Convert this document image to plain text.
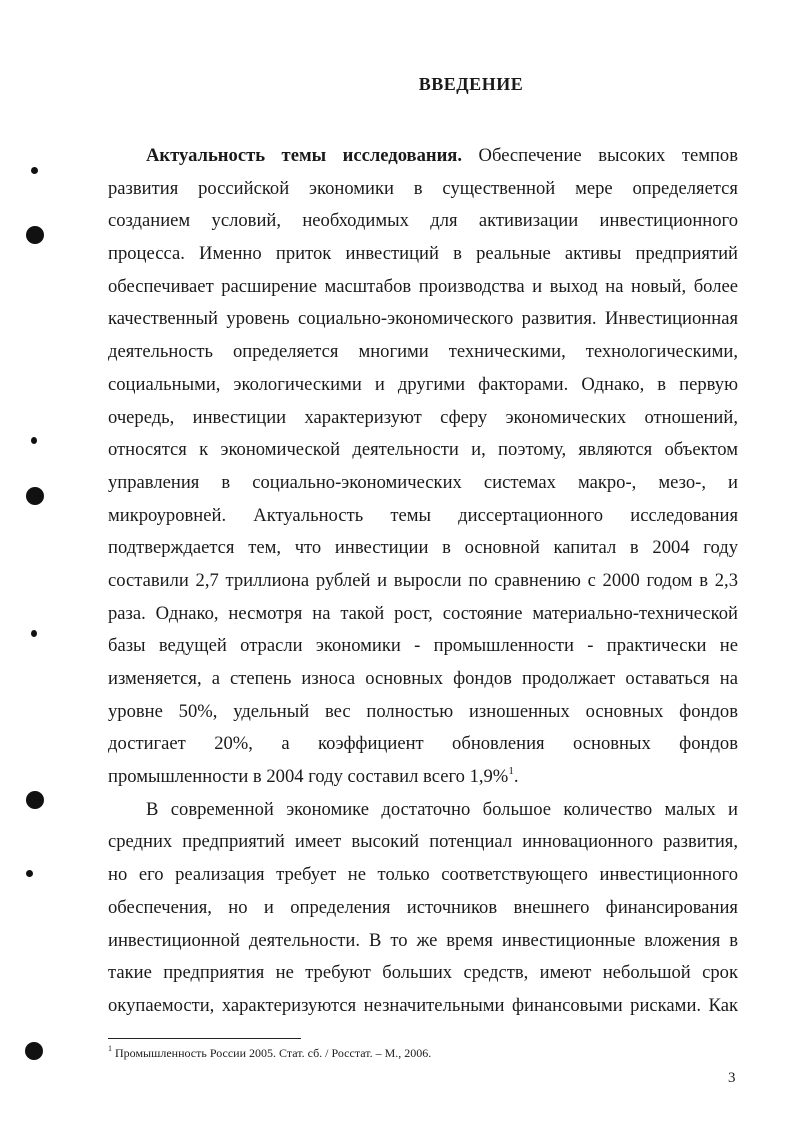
ВВЕДЕНИЕ
Актуальность темы исследования. Обеспечение высоких темпов
развития российской экономики в существенной мере определяется
созданием условий, необходимых для активизации инвестиционного
процесса. Именно приток инвестиций в реальные активы предприятий
обеспечивает расширение масштабов производства и выход на новый, более
качественный уровень социально-экономического развития. Инвестиционная
деятельность определяется многими техническими, технологическими,
социальными, экологическими и другими факторами. Однако, в первую
очередь, инвестиции характеризуют сферу экономических отношений,
относятся к экономической деятельности и, поэтому, являются объектом
управления в социально-экономических системах макро-, мезо-, и
микроуровней. Актуальность темы диссертационного исследования
подтверждается тем, что инвестиции в основной капитал в 2004 году
составили 2,7 триллиона рублей и выросли по сравнению с 2000 годом в 2,3
раза. Однако, несмотря на такой рост, состояние материально-технической
базы ведущей отрасли экономики - промышленности - практически не
изменяется, а степень износа основных фондов продолжает оставаться на
уровне 50%, удельный вес полностью изношенных основных фондов
достигает 20%, а коэффициент обновления основных фондов
промышленности в 2004 году составил всего 1,9%$^1$.
В современной экономике достаточно большое количество малых и
средних предприятий имеет высокий потенциал инновационного развития,
но его реализация требует не только соответствующего инвестиционного
обеспечения, но и определения источников внешнего финансирования
инвестиционной деятельности. В то же время инвестиционные вложения в
такие предприятия не требуют больших средств, имеют небольшой срок
окупаемости, характеризуются незначительными финансовыми рисками. Как
$^1$ Промышленность России 2005. Стат. сб. / Росстат. – М., 2006.
3
